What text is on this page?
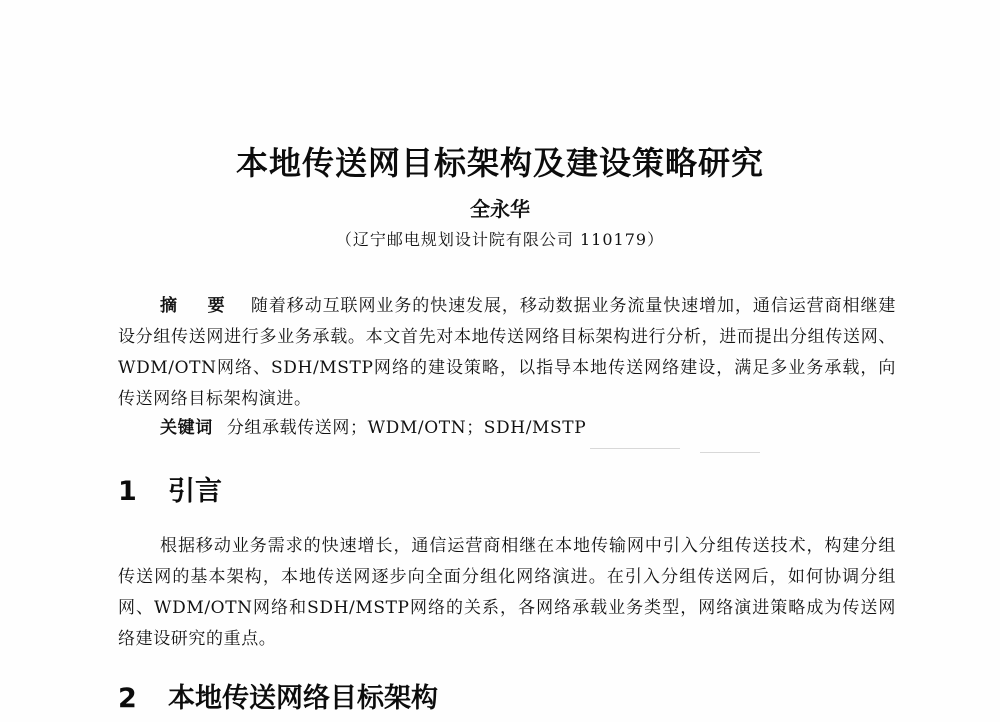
本地传送网目标架构及建设策略研究
全永华
（辽宁邮电规划设计院有限公司 110179）

摘 要 随着移动互联网业务的快速发展，移动数据业务流量快速增加，通信运营商相继建设分组传送网进行多业务承载。本文首先对本地传送网络目标架构进行分析，进而提出分组传送网、WDM/OTN网络、SDH/MSTP网络的建设策略，以指导本地传送网络建设，满足多业务承载，向传送网络目标架构演进。

关键词 分组承载传送网；WDM/OTN；SDH/MSTP
1 引言

根据移动业务需求的快速增长，通信运营商相继在本地传输网中引入分组传送技术，构建分组传送网的基本架构，本地传送网逐步向全面分组化网络演进。在引入分组传送网后，如何协调分组网、WDM/OTN网络和SDH/MSTP网络的关系，各网络承载业务类型，网络演进策略成为传送网络建设研究的重点。

2 本地传送网络目标架构
